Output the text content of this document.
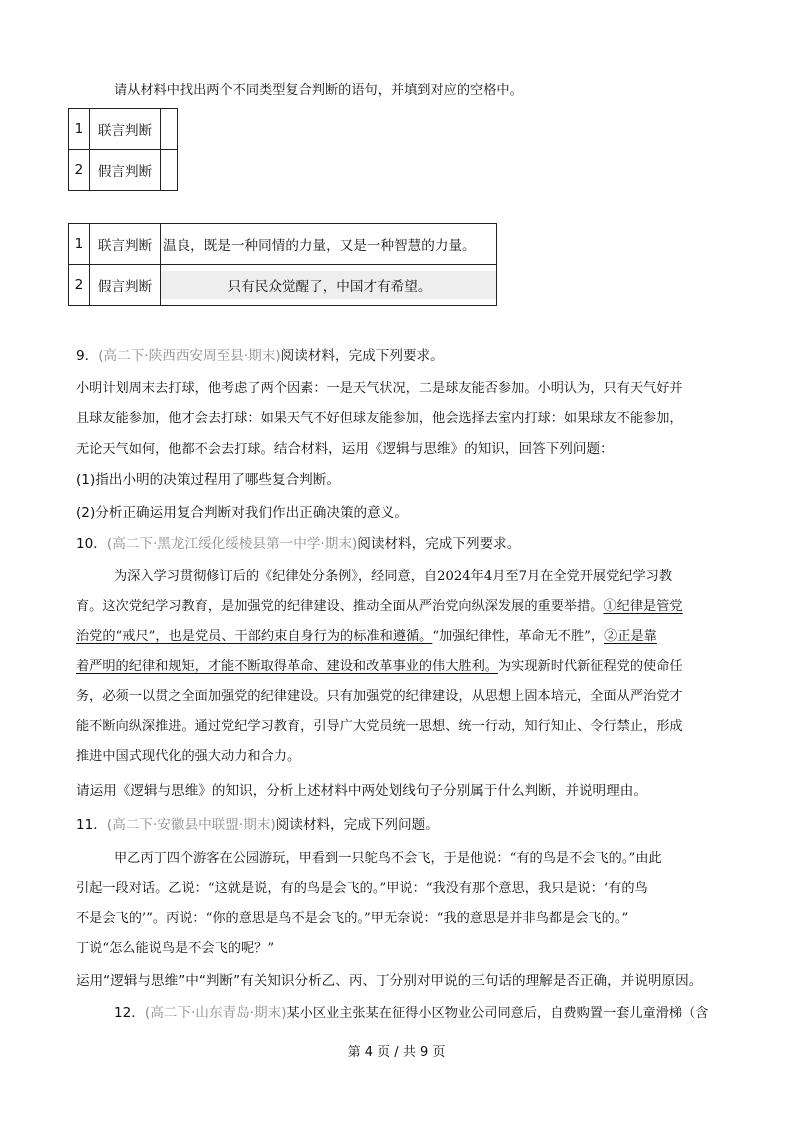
请从材料中找出两个不同类型复合判断的语句，并填到对应的空格中。
1	联言判断	
2	假言判断	
1	联言判断	温良，既是一种同情的力量，又是一种智慧的力量。

2	假言判断	只有民众觉醒了，中国才有希望。
9．(高二下·陕西西安周至县·期末)阅读材料，完成下列要求。
小明计划周末去打球，他考虑了两个因素：一是天气状况，二是球友能否参加。小明认为，只有天气好并
且球友能参加，他才会去打球：如果天气不好但球友能参加，他会选择去室内打球：如果球友不能参加，
无论天气如何，他都不会去打球。结合材料，运用《逻辑与思维》的知识，回答下列问题：
(1)指出小明的决策过程用了哪些复合判断。
(2)分析正确运用复合判断对我们作出正确决策的意义。
10．(高二下·黑龙江绥化绥棱县第一中学·期末)阅读材料，完成下列要求。
为深入学习贯彻修订后的《纪律处分条例》，经同意，自2024年4月至7月在全党开展党纪学习教
育。这次党纪学习教育，是加强党的纪律建设、推动全面从严治党向纵深发展的重要举措。①纪律是管党
治党的“戒尺”，也是党员、干部约束自身行为的标准和遵循。“加强纪律性，革命无不胜”，②正是靠
着严明的纪律和规矩，才能不断取得革命、建设和改革事业的伟大胜利。为实现新时代新征程党的使命任
务，必须一以贯之全面加强党的纪律建设。只有加强党的纪律建设，从思想上固本培元，全面从严治党才
能不断向纵深推进。通过党纪学习教育，引导广大党员统一思想、统一行动，知行知止、令行禁止，形成
推进中国式现代化的强大动力和合力。
请运用《逻辑与思维》的知识，分析上述材料中两处划线句子分别属于什么判断，并说明理由。
11．(高二下·安徽县中联盟·期末)阅读材料，完成下列问题。
甲乙丙丁四个游客在公园游玩，甲看到一只鸵鸟不会飞，于是他说：“有的鸟是不会飞的。”由此
引起一段对话。乙说：“这就是说，有的鸟是会飞的。”甲说：“我没有那个意思，我只是说：‘有的鸟
不是会飞的’”。丙说：“你的意思是鸟不是会飞的。”甲无奈说：“我的意思是并非鸟都是会飞的。”
丁说“怎么能说鸟是不会飞的呢？”
运用“逻辑与思维”中“判断”有关知识分析乙、丙、丁分别对甲说的三句话的理解是否正确，并说明原因。
12．(高二下·山东青岛·期末)某小区业主张某在征得小区物业公司同意后，自费购置一套儿童滑梯（含
第 4 页 / 共 9 页
